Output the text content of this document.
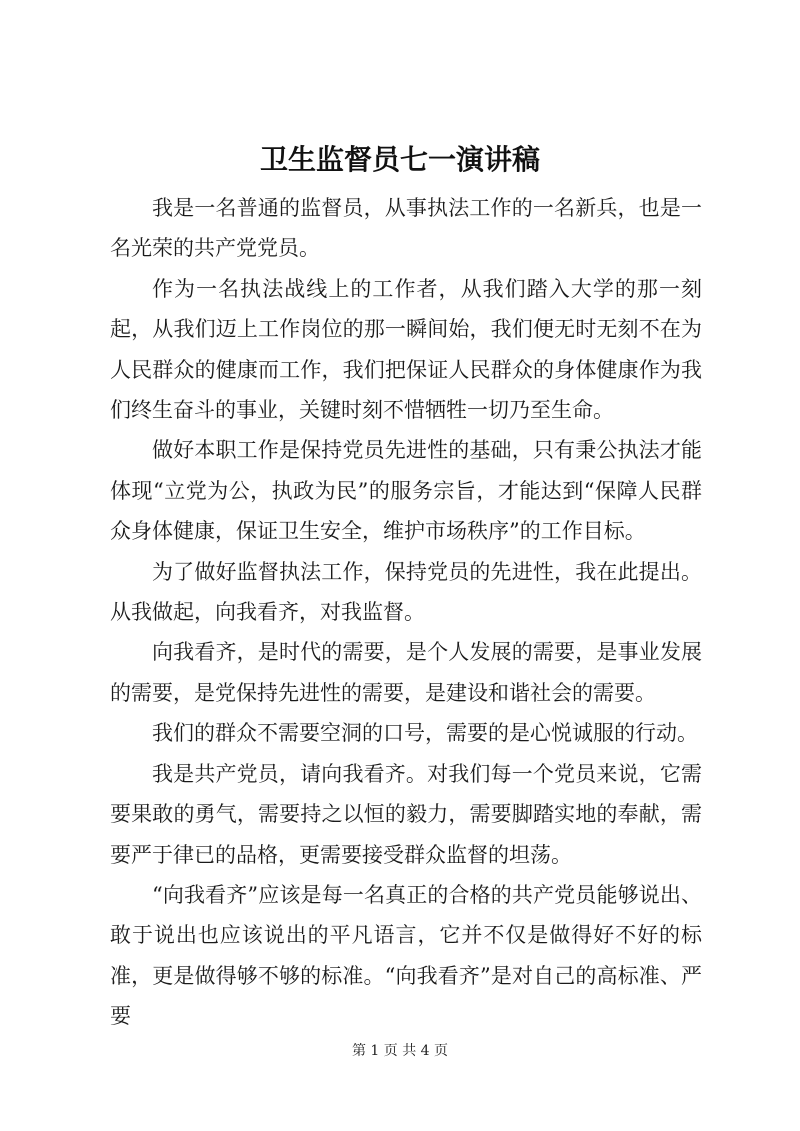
卫生监督员七一演讲稿

我是一名普通的监督员，从事执法工作的一名新兵，也是一名光荣的共产党党员。

作为一名执法战线上的工作者，从我们踏入大学的那一刻起，从我们迈上工作岗位的那一瞬间始，我们便无时无刻不在为人民群众的健康而工作，我们把保证人民群众的身体健康作为我们终生奋斗的事业，关键时刻不惜牺牲一切乃至生命。

做好本职工作是保持党员先进性的基础，只有秉公执法才能体现“立党为公，执政为民”的服务宗旨，才能达到“保障人民群众身体健康，保证卫生安全，维护市场秩序”的工作目标。

为了做好监督执法工作，保持党员的先进性，我在此提出。从我做起，向我看齐，对我监督。

向我看齐，是时代的需要，是个人发展的需要，是事业发展的需要，是党保持先进性的需要，是建设和谐社会的需要。

我们的群众不需要空洞的口号，需要的是心悦诚服的行动。

我是共产党员，请向我看齐。对我们每一个党员来说，它需要果敢的勇气，需要持之以恒的毅力，需要脚踏实地的奉献，需要严于律已的品格，更需要接受群众监督的坦荡。

“向我看齐”应该是每一名真正的合格的共产党员能够说出、敢于说出也应该说出的平凡语言，它并不仅是做得好不好的标准，更是做得够不够的标准。“向我看齐”是对自己的高标准、严要

第 1 页 共 4 页
